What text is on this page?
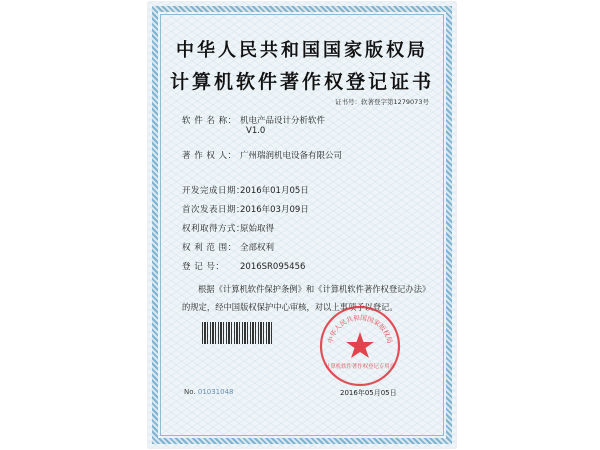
中华人民共和国国家版权局
计算机软件著作权登记证书
证书号：软著登字第1279073号
软 件 名 称： 机电产品设计分析软件
V1.0
著 作 权 人： 广州瑞润机电设备有限公司
开发完成日期：2016年01月05日
首次发表日期：2016年03月09日
权利取得方式：原始取得
权 利 范 围： 全部权利
登 记 号： 2016SR095456
根据《计算机软件保护条例》和《计算机软件著作权登记办法》的规定，经中国版权保护中心审核，对以上事项予以登记。
中华人民共和国国家版权局
计算机软件著作权登记专用章
No. 01031048	2016年05月05日
